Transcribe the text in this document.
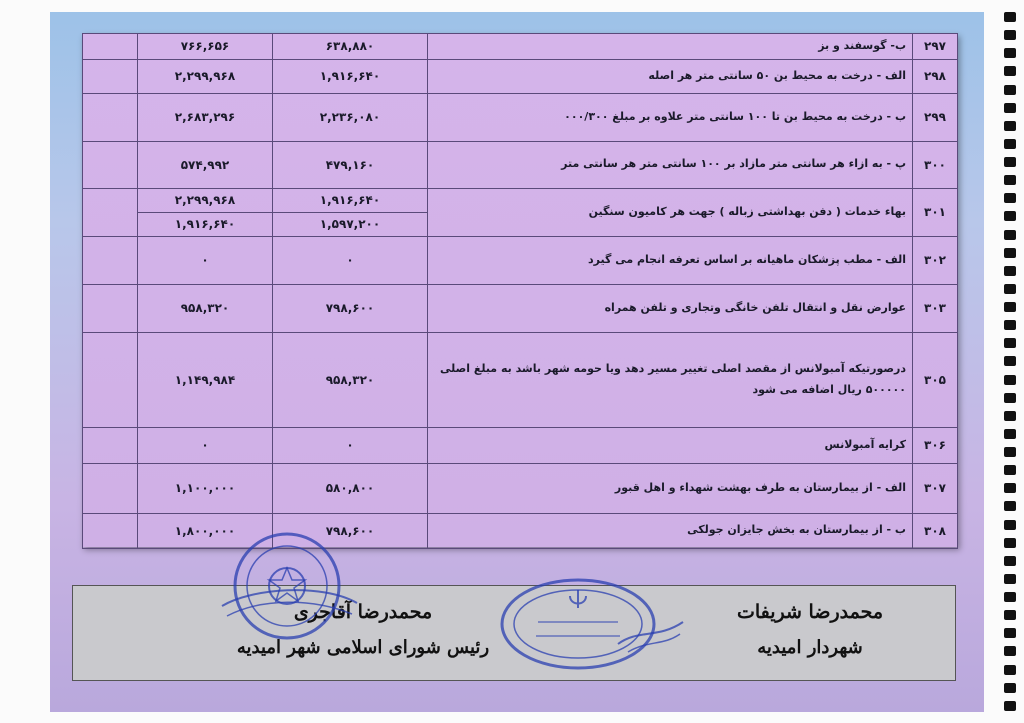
۲۹۷	ب- گوسفند و بز	۶۳۸,۸۸۰	۷۶۶,۶۵۶	
۲۹۸	الف - درخت به محیط بن ۵۰ سانتی متر هر اصله	۱,۹۱۶,۶۴۰	۲,۲۹۹,۹۶۸	
۲۹۹	ب - درخت به محیط بن تا ۱۰۰ سانتی متر علاوه بر مبلغ ۰۰۰/۳۰۰	۲,۲۳۶,۰۸۰	۲,۶۸۳,۲۹۶	
۳۰۰	پ - به ازاء هر سانتی متر مازاد بر ۱۰۰ سانتی متر هر سانتی متر	۴۷۹,۱۶۰	۵۷۴,۹۹۲	
۳۰۱	بهاء خدمات ( دفن بهداشتی زباله ) جهت هر کامیون سنگین	۱,۹۱۶,۶۴۰	۲,۲۹۹,۹۶۸	
		۱,۵۹۷,۲۰۰	۱,۹۱۶,۶۴۰	
۳۰۲	الف - مطب پزشکان ماهیانه بر اساس تعرفه انجام می گیرد	۰	۰	
۳۰۳	عوارض نقل و انتقال تلفن خانگی وتجاری و تلفن همراه	۷۹۸,۶۰۰	۹۵۸,۳۲۰	
۳۰۵	درصورتیکه آمبولانس از مقصد اصلی تغییر مسیر دهد ویا حومه شهر باشد به مبلغ اصلی ۵۰۰۰۰۰ ریال اضافه می شود	۹۵۸,۳۲۰	۱,۱۴۹,۹۸۴	
۳۰۶	کرایه آمبولانس	۰	۰	
۳۰۷	الف - از بیمارستان به طرف بهشت شهداء و اهل قبور	۵۸۰,۸۰۰	۱,۱۰۰,۰۰۰	
۳۰۸	ب - از بیمارستان به بخش جایزان جولکی	۷۹۸,۶۰۰	۱,۸۰۰,۰۰۰	
محمدرضا آقاجری
رئیس شورای اسلامی شهر امیدیه
محمدرضا شریفات
شهردار امیدیه
